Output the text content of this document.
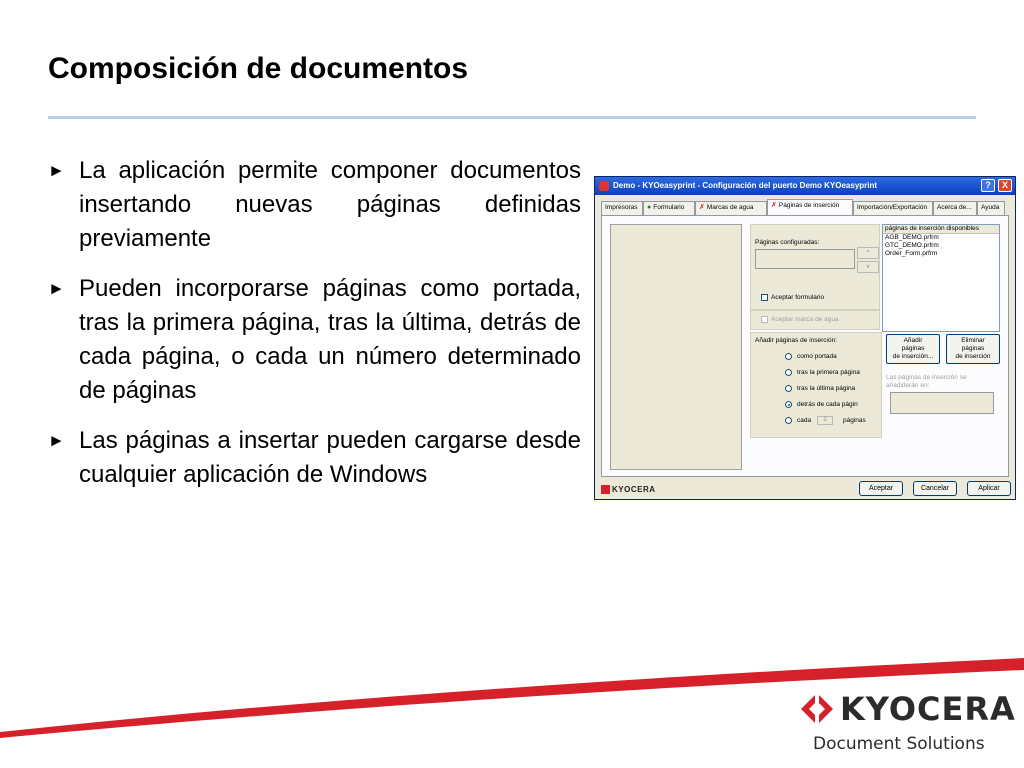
Composición de documentos
► La aplicación permite componer documentos insertando nuevas páginas definidas previamente
► Pueden incorporarse páginas como portada, tras la primera página, tras la última, detrás de cada página, o cada un número determinado de páginas
► Las páginas a insertar pueden cargarse desde cualquier aplicación de Windows
Demo - KYOeasyprint - Configuración del puerto Demo KYOeasyprint	?	X
Impresoras	● Formulario	✗ Marcas de agua	✗ Páginas de inserción	Importación/Exportación	Acerca de...	Ayuda
Páginas configuradas:
^
v
Aceptar formulario
Aceptar marca de agua
páginas de inserción disponibles
AGB_DEMO.prfrm
GTC_DEMO.prfrm
Order_Form.prfrm
Añadir páginas de inserción:
como portada
tras la primera página
tras la última página
detrás de cada págin
cada	2	páginas
Añadir
páginas
de inserción...
Eliminar
páginas
de inserción
Las páginas de inserción se
añadiderán en:
KYOCERA	Aceptar	Cancelar	Aplicar
KYOCERA
Document Solutions
